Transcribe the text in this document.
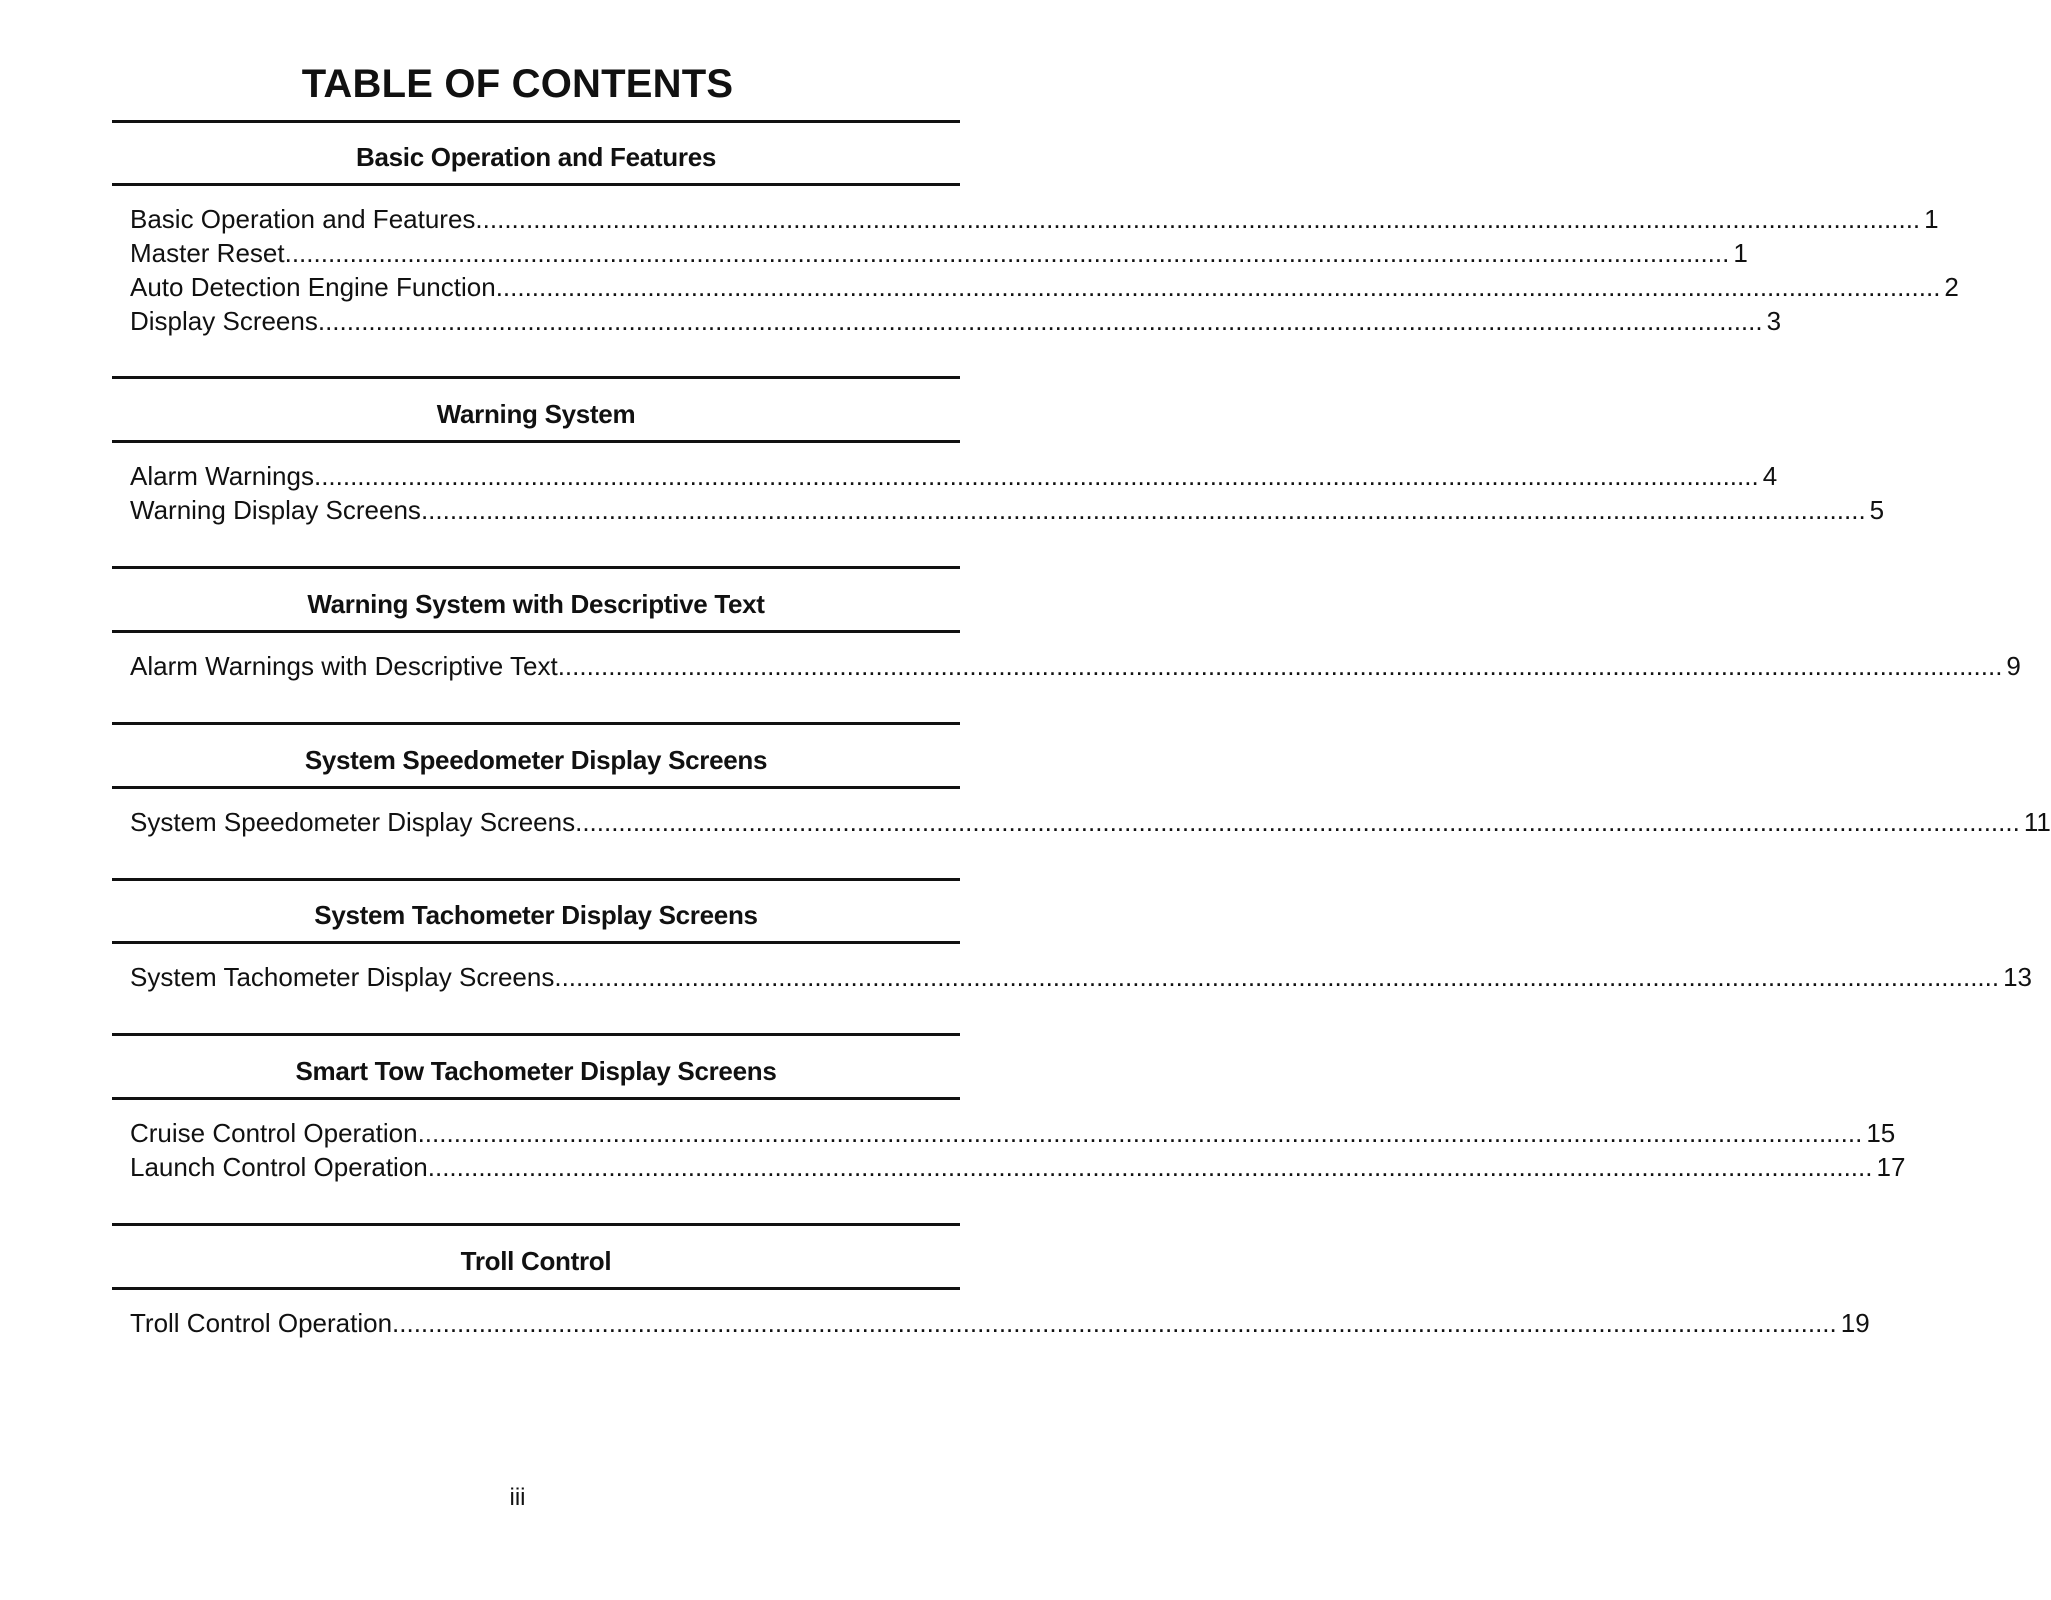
TABLE OF CONTENTS
Basic Operation and Features
Basic Operation and Features ........................................................................................................................................................................................................ 1
Master Reset ........................................................................................................................................................................................................ 1
Auto Detection Engine Function ........................................................................................................................................................................................................ 2
Display Screens ........................................................................................................................................................................................................ 3
Warning System
Alarm Warnings ........................................................................................................................................................................................................ 4
Warning Display Screens ........................................................................................................................................................................................................ 5
Warning System with Descriptive Text
Alarm Warnings with Descriptive Text ........................................................................................................................................................................................................ 9
System Speedometer Display Screens
System Speedometer Display Screens ........................................................................................................................................................................................................ 11
System Tachometer Display Screens
System Tachometer Display Screens ........................................................................................................................................................................................................ 13
Smart Tow Tachometer Display Screens
Cruise Control Operation ........................................................................................................................................................................................................ 15
Launch Control Operation ........................................................................................................................................................................................................ 17
Troll Control
Troll Control Operation ........................................................................................................................................................................................................ 19
iii
